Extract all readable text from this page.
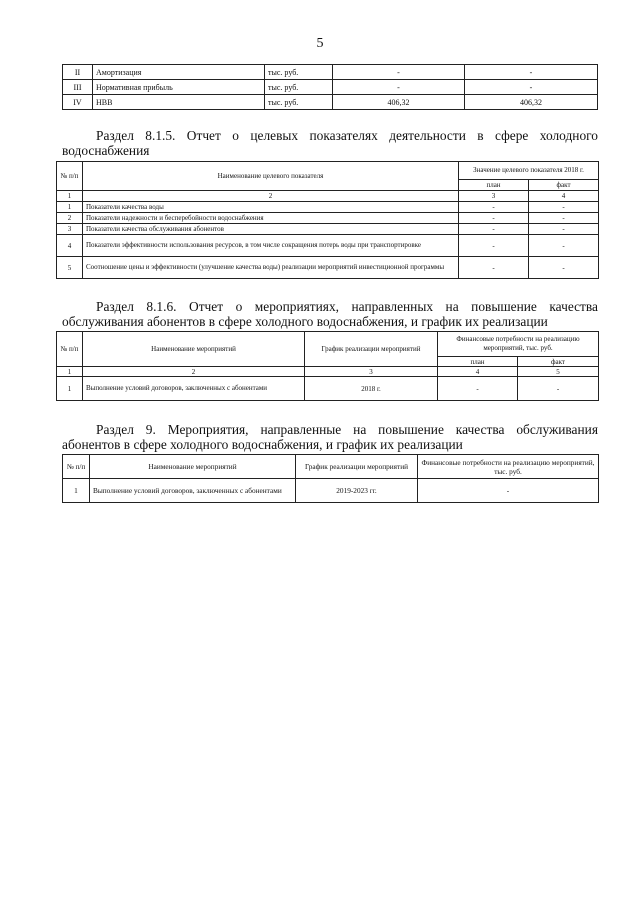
5
II	Амортизация	тыс. руб.	-	-
III	Нормативная прибыль	тыс. руб.	-	-
IV	НВВ	тыс. руб.	406,32	406,32
Раздел 8.1.5. Отчет о целевых показателях деятельности в сфере холодного водоснабжения
№ п/п	Наименование целевого показателя	Значение целевого показателя 2018 г.	
		план	факт
1	2	3	4
1	Показатели качества воды	-	-
2	Показатели надежности и бесперебойности водоснабжения	-	-
3	Показатели качества обслуживания абонентов	-	-
4	Показатели эффективности использования ресурсов, в том числе сокращения потерь воды при транспортировке	-	-
5	Соотношение цены и эффективности (улучшение качества воды) реализации мероприятий инвестиционной программы	-	-
Раздел 8.1.6. Отчет о мероприятиях, направленных на повышение качества обслуживания абонентов в сфере холодного водоснабжения, и график их реализации
№ п/п	Наименование мероприятий	График реализации мероприятий	Финансовые потребности на реализацию мероприятий, тыс. руб.	
			план	факт
1	2	3	4	5
1	Выполнение условий договоров, заключенных с абонентами	2018 г.	-	-
Раздел 9. Мероприятия, направленные на повышение качества обслуживания абонентов в сфере холодного водоснабжения, и график их реализации
№ п/п	Наименование мероприятий	График реализации мероприятий	Финансовые потребности на реализацию мероприятий, тыс. руб.
1	Выполнение условий договоров, заключенных с абонентами	2019-2023 гг.	-
